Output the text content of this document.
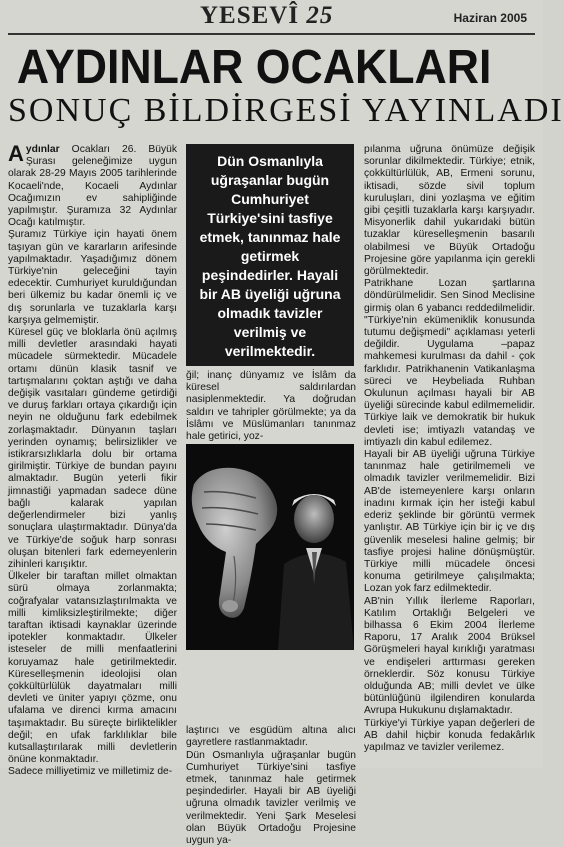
YESEVÎ 25	Haziran 2005
AYDINLAR OCAKLARI
SONUÇ BİLDİRGESİ YAYINLADI

Aydınlar Ocakları 26. Büyük Şurası geleneğimize uygun olarak 28-29 Mayıs 2005 tarihlerinde Kocaeli'nde, Kocaeli Aydınlar Ocağımızın ev sahipliğinde yapılmıştır. Şuramıza 32 Aydınlar Ocağı katılmıştır.

Şuramız Türkiye için hayati önem taşıyan gün ve kararların arifesinde yapılmaktadır. Yaşadığımız dönem Türkiye'nin geleceğini tayin edecektir. Cumhuriyet kuruldığundan beri ülkemiz bu kadar önemli iç ve dış sorunlarla ve tuzaklarla karşı karşıya gelmemiştir.

Küresel güç ve bloklarla önü açılmış milli devletler arasındaki hayati mücadele sürmektedir. Mücadele ortamı dünün klasik tasnif ve tartışmalarını çoktan aştığı ve daha değişik vasıtaları gündeme getirdiği ve duruş farkları ortaya çıkardığı için neyin ne olduğunu fark edebilmek zorlaşmaktadır. Dünyanın taşları yerinden oynamış; belirsizlikler ve istikrarsızlıklarla dolu bir ortama girilmiştir. Türkiye de bundan payını almaktadır. Bugün yeterli fikir jimnastiği yapmadan sadece düne bağlı kalarak yapılan değerlendirmeler bizi yanlış sonuçlara ulaştırmaktadır. Dünya'da ve Türkiye'de soğuk harp sonrası oluşan bitenleri fark edemeyenlerin zihinleri karışıktır.

Ülkeler bir taraftan millet olmaktan sürü olmaya zorlanmakta; coğrafyalar vatansızlaştırılmakta ve milli kimliksizleştirilmekte; diğer taraftan iktisadi kaynaklar üzerinde ipotekler konmaktadır. Ülkeler isteseler de milli menfaatlerini koruyamaz hale getirilmektedir. Küreselleşmenin ideolojisi olan çokkültürlülük dayatmaları milli devleti ve üniter yapıyı çözme, onu ufalama ve direnci kırma amacını taşımaktadır. Bu süreçte birliktelikler değil; en ufak farklılıklar bile kutsallaştırılarak milli devletlerin önüne konmaktadır.

Sadece milliyetimiz ve milletimiz de-

Dün Osmanlıyla uğraşanlar bugün Cumhuriyet Türkiye'sini tasfiye etmek, tanınmaz hale getirmek peşindedirler. Hayali bir AB üyeliği uğruna olmadık tavizler verilmiş ve verilmektedir.

ğil; inanç dünyamız ve İslâm da küresel saldırılardan nasiplenmektedir. Ya doğrudan saldırı ve tahripler görülmekte; ya da İslâmı ve Müslümanları tanınmaz hale getirici, yoz-

laştırıcı ve esgüdüm altına alıcı gayretlere rastlanmaktadır.

Dün Osmanlıyla uğraşanlar bugün Cumhuriyet Türkiye'sini tasfiye etmek, tanınmaz hale getirmek peşindedirler. Hayali bir AB üyeliği uğruna olmadık tavizler verilmiş ve verilmektedir. Yeni Şark Meselesi olan Büyük Ortadoğu Projesine uygun ya-

pılanma uğruna önümüze değişik sorunlar dikilmektedir. Türkiye; etnik, çokkültürlülük, AB, Ermeni sorunu, iktisadi, sözde sivil toplum kuruluşları, dini yozlaşma ve eğitim gibi çeşitli tuzaklarla karşı karşıyadır. Misyonerlik dahil yukarıdaki bütün tuzaklar küreselleşmenin basarılı olabilmesi ve Büyük Ortadoğu Projesine göre yapılanma için gerekli görülmektedir.

Patrikhane Lozan şartlarına döndürülmelidir. Sen Sinod Meclisine girmiş olan 6 yabancı reddedilmelidir. "Türkiye'nin ekümeniklik konusunda tutumu değişmedi" açıklaması yeterli değildir. Uygulama –papaz mahkemesi kurulması da dahil - çok farklıdır. Patrikhanenin Vatikanlaşma süreci ve Heybeliada Ruhban Okulunun açılması hayali bir AB üyeliği sürecinde kabul edilmemelidir. Türkiye laik ve demokratik bir hukuk devleti ise; imtiyazlı vatandaş ve imtiyazlı din kabul edilemez.

Hayali bir AB üyeliği uğruna Türkiye tanınmaz hale getirilmemeli ve olmadık tavizler verilmemelidir. Bizi AB'de istemeyenlere karşı onların inadını kırmak için her isteği kabul ederiz şeklinde bir görüntü vermek yanlıştır. AB Türkiye için bir iç ve dış güvenlik meselesi haline gelmiş; bir tasfiye projesi haline dönüşmüştür. Türkiye milli mücadele öncesi konuma getirilmeye çalışılmakta; Lozan yok farz edilmektedir.

AB'nin Yıllık İlerleme Raporları, Katılım Ortaklığı Belgeleri ve bilhassa 6 Ekim 2004 İlerleme Raporu, 17 Aralık 2004 Brüksel Görüşmeleri hayal kırıklığı yaratması ve endişeleri arttırması gereken örneklerdir. Söz konusu Türkiye olduğunda AB; milli devlet ve ülke bütünlüğünü ilgilendiren konularda Avrupa Hukukunu dışlamaktadır.

Türkiye'yi Türkiye yapan değerleri de AB dahil hiçbir konuda fedakârlık yapılmaz ve tavizler verilemez.
